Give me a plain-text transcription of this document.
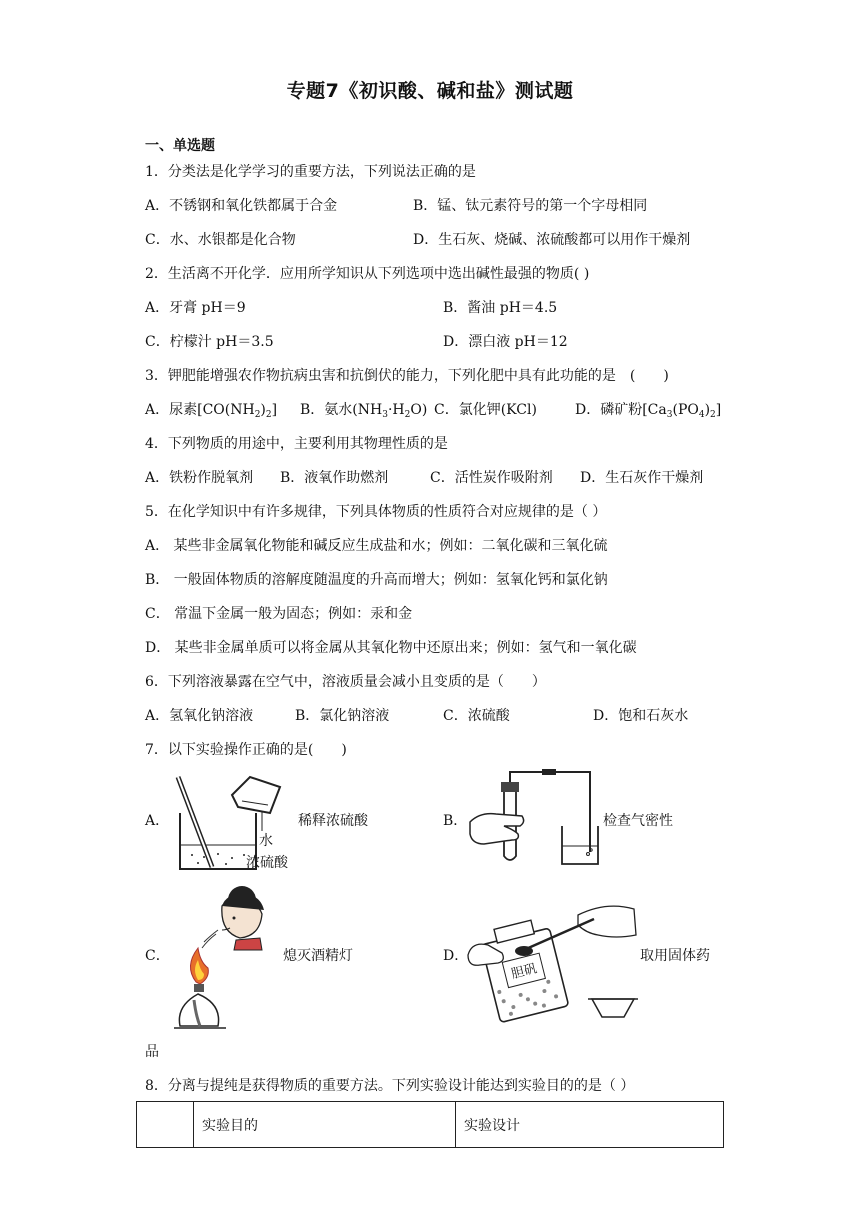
专题7《初识酸、碱和盐》测试题
一、单选题
1．分类法是化学学习的重要方法，下列说法正确的是
A．不锈钢和氧化铁都属于合金	B．锰、钛元素符号的第一个字母相同
C．水、水银都是化合物	D．生石灰、烧碱、浓硫酸都可以用作干燥剂
2．生活离不开化学．应用所学知识从下列选项中选出碱性最强的物质( )
A．牙膏 pH＝9	B．酱油 pH＝4.5
C．柠檬汁 pH＝3.5	D．漂白液 pH＝12
3．钾肥能增强农作物抗病虫害和抗倒伏的能力，下列化肥中具有此功能的是　(　　)
A．尿素$[CO(NH_2)_2]$ B．氨水$(NH_3\cdot H_2O)$ C．氯化钾(KCl)	D．磷矿粉$[Ca_3(PO_4)_2]$
4．下列物质的用途中，主要利用其物理性质的是
A．铁粉作脱氧剂 B．液氧作助燃剂	C．活性炭作吸附剂 D．生石灰作干燥剂
5．在化学知识中有许多规律，下列具体物质的性质符合对应规律的是（ ）
A． 某些非金属氧化物能和碱反应生成盐和水；例如：二氧化碳和三氧化硫
B． 一般固体物质的溶解度随温度的升高而增大；例如：氢氧化钙和氯化钠
C． 常温下金属一般为固态；例如：汞和金
D． 某些非金属单质可以将金属从其氧化物中还原出来；例如：氢气和一氧化碳
6．下列溶液暴露在空气中，溶液质量会减小且变质的是（　　）
A．氢氧化钠溶液	B．氯化钠溶液	C．浓硫酸	D．饱和石灰水
7．以下实验操作正确的是(　　)
A．
水
浓硫酸
稀释浓硫酸	B．	检查气密性
C．	熄灭酒精灯	D．
胆矾
取用固体药
品
8．分离与提纯是获得物质的重要方法。下列实验设计能达到实验目的的是（ ）
	实验目的	实验设计
